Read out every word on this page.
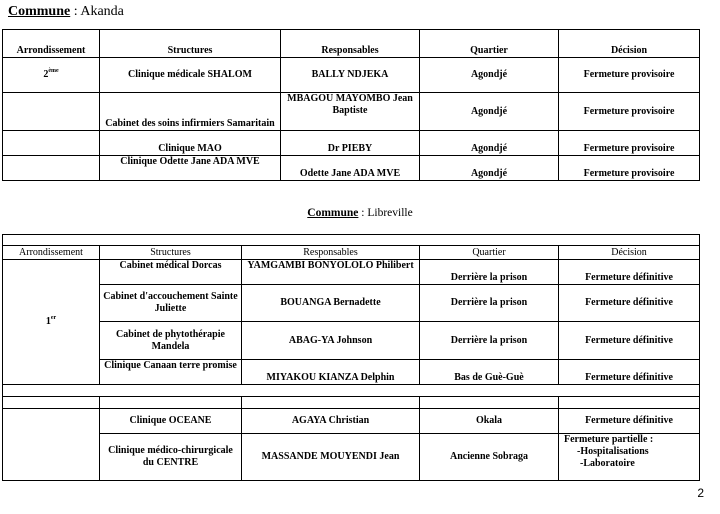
Commune : Akanda
Arrondissement	Structures	Responsables	Quartier	Décision
2ème	Clinique médicale SHALOM	BALLY NDJEKA	Agondjé	Fermeture provisoire
	Cabinet des soins infirmiers Samaritain	MBAGOU MAYOMBO Jean Baptiste	Agondjé	Fermeture provisoire
	Clinique MAO	Dr PIEBY	Agondjé	Fermeture provisoire
	Clinique Odette Jane ADA MVE	Odette Jane ADA MVE	Agondjé	Fermeture provisoire
Commune : Libreville

Arrondissement	Structures	Responsables	Quartier	Décision
1er	Cabinet médical Dorcas	YAMGAMBI BONYOLOLO Philibert	Derrière la prison	Fermeture définitive
	Cabinet d'accouchement Sainte Juliette	BOUANGA Bernadette	Derrière la prison	Fermeture définitive
	Cabinet de phytothérapie Mandela	ABAG-YA Johnson	Derrière la prison	Fermeture définitive
	Clinique Canaan terre promise	MIYAKOU KIANZA Delphin	Bas de Guè-Guè	Fermeture définitive

	Clinique OCEANE	AGAYA Christian	Okala	Fermeture définitive
	Clinique médico-chirurgicale du CENTRE	MASSANDE MOUYENDI Jean	Ancienne Sobraga	Fermeture partielle :
-Hospitalisations
-Laboratoire
2
